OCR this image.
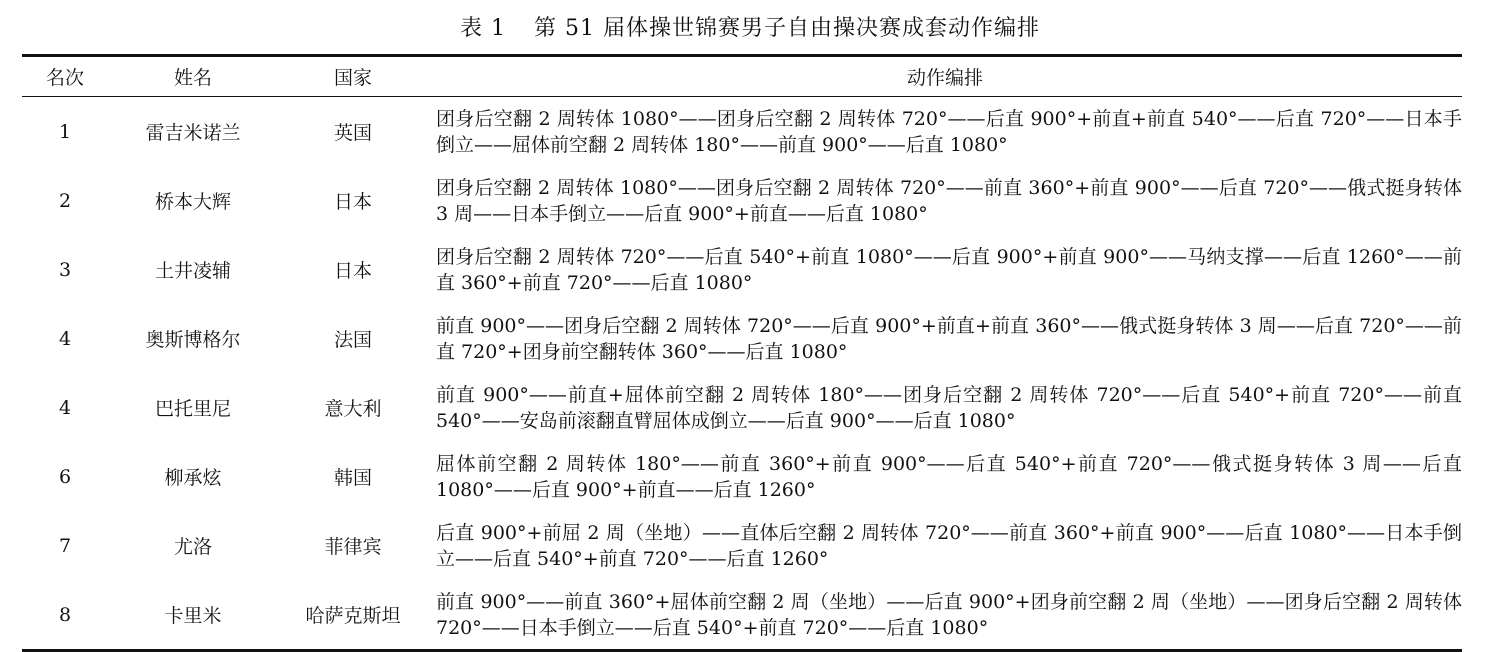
表 1 第 51 届体操世锦赛男子自由操决赛成套动作编排
名次	姓名	国家	动作编排
1	雷吉米诺兰	英国	团身后空翻 2 周转体 1080°——团身后空翻 2 周转体 720°——后直 900°+前直+前直 540°——后直 720°——日本手倒立——屈体前空翻 2 周转体 180°——前直 900°——后直 1080°
2	桥本大辉	日本	团身后空翻 2 周转体 1080°——团身后空翻 2 周转体 720°——前直 360°+前直 900°——后直 720°——俄式挺身转体 3 周——日本手倒立——后直 900°+前直——后直 1080°
3	土井凌辅	日本	团身后空翻 2 周转体 720°——后直 540°+前直 1080°——后直 900°+前直 900°——马纳支撑——后直 1260°——前直 360°+前直 720°——后直 1080°
4	奥斯博格尔	法国	前直 900°——团身后空翻 2 周转体 720°——后直 900°+前直+前直 360°——俄式挺身转体 3 周——后直 720°——前直 720°+团身前空翻转体 360°——后直 1080°
4	巴托里尼	意大利	前直 900°——前直+屈体前空翻 2 周转体 180°——团身后空翻 2 周转体 720°——后直 540°+前直 720°——前直 540°——安岛前滚翻直臂屈体成倒立——后直 900°——后直 1080°
6	柳承炫	韩国	屈体前空翻 2 周转体 180°——前直 360°+前直 900°——后直 540°+前直 720°——俄式挺身转体 3 周——后直 1080°——后直 900°+前直——后直 1260°
7	尤洛	菲律宾	后直 900°+前屈 2 周（坐地）——直体后空翻 2 周转体 720°——前直 360°+前直 900°——后直 1080°——日本手倒立——后直 540°+前直 720°——后直 1260°
8	卡里米	哈萨克斯坦	前直 900°——前直 360°+屈体前空翻 2 周（坐地）——后直 900°+团身前空翻 2 周（坐地）——团身后空翻 2 周转体 720°——日本手倒立——后直 540°+前直 720°——后直 1080°
